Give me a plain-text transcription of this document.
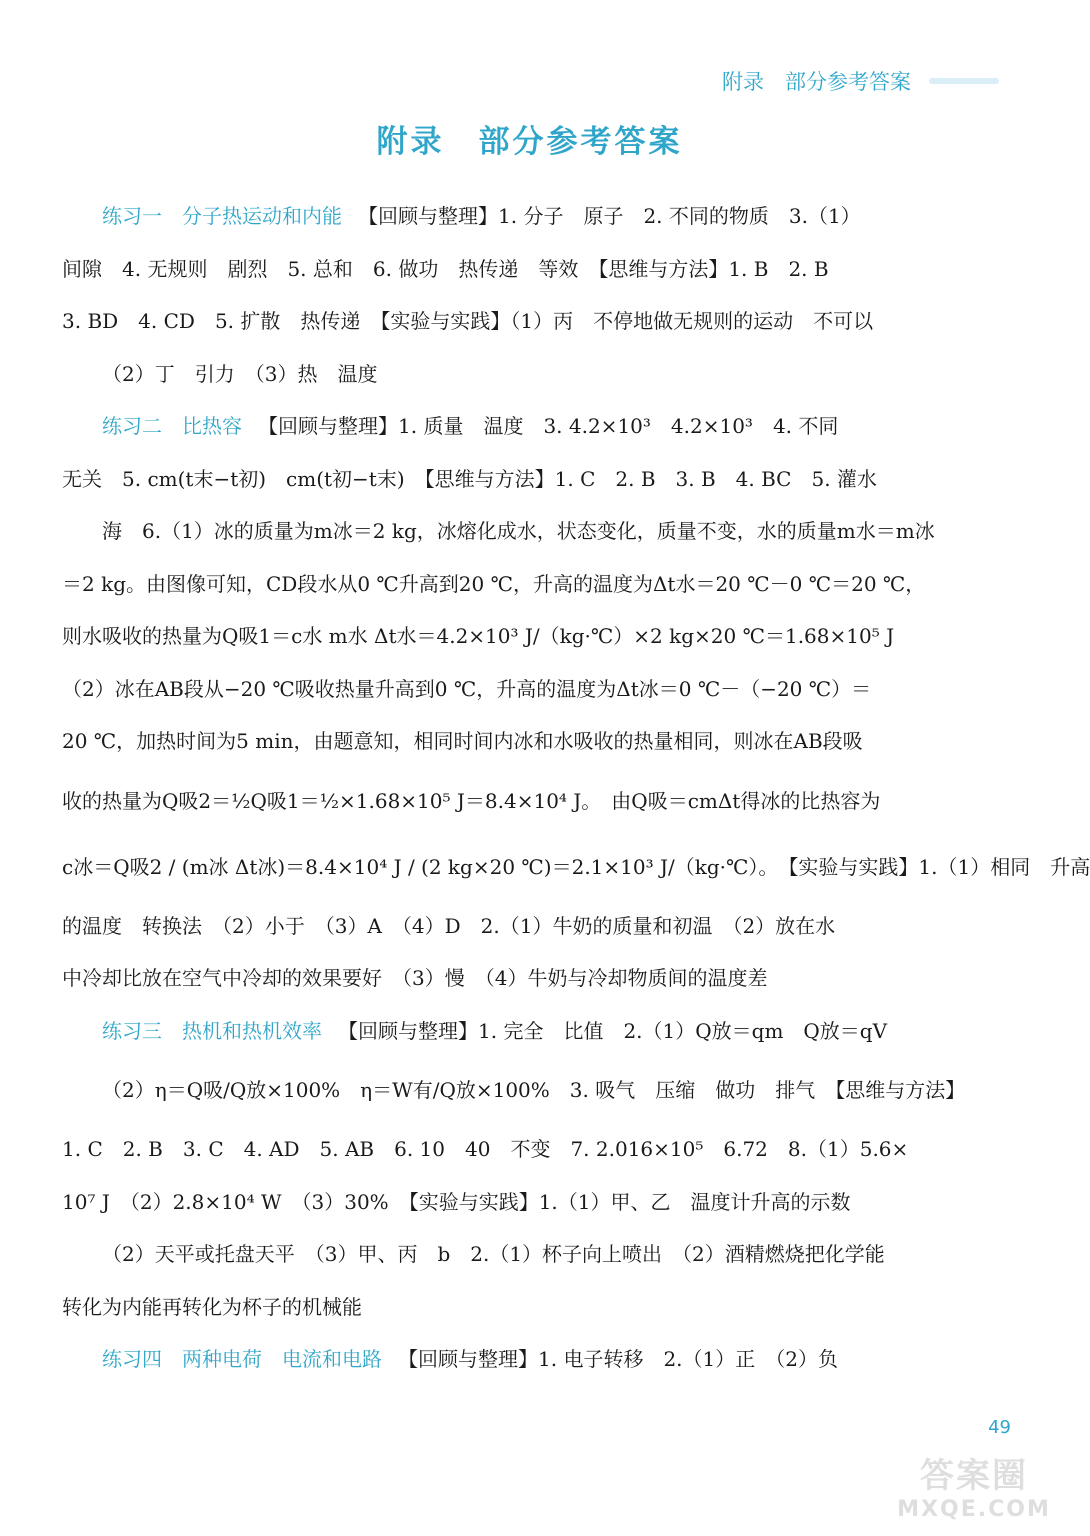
附录　部分参考答案
附录　部分参考答案
练习一　分子热运动和内能 【回顾与整理】1. 分子　原子　2. 不同的物质　3.（1）
间隙　4. 无规则　剧烈　5. 总和　6. 做功　热传递　等效　【思维与方法】1. B　2. B
3. BD　4. CD　5. 扩散　热传递　【实验与实践】（1）丙　不停地做无规则的运动　不可以
（2）丁　引力　（3）热　温度
练习二　比热容 【回顾与整理】1. 质量　温度　3. 4.2×10³　4.2×10³　4. 不同
无关　5. cm(t末−t初)　cm(t初−t末)　【思维与方法】1. C　2. B　3. B　4. BC　5. 灌水
海　6.（1）冰的质量为m冰＝2 kg，冰熔化成水，状态变化，质量不变，水的质量m水＝m冰
＝2 kg。由图像可知，CD段水从0 ℃升高到20 ℃，升高的温度为Δt水＝20 ℃－0 ℃＝20 ℃，
则水吸收的热量为Q吸1＝c水 m水 Δt水＝4.2×10³ J/（kg·℃）×2 kg×20 ℃＝1.68×10⁵ J
（2）冰在AB段从−20 ℃吸收热量升高到0 ℃，升高的温度为Δt冰＝0 ℃－（−20 ℃）＝
20 ℃，加热时间为5 min，由题意知，相同时间内冰和水吸收的热量相同，则冰在AB段吸
收的热量为Q吸2＝½Q吸1＝½×1.68×10⁵ J＝8.4×10⁴ J。　由Q吸＝cmΔt得冰的比热容为
c冰＝Q吸2 / (m冰 Δt冰)＝8.4×10⁴ J / (2 kg×20 ℃)＝2.1×10³ J/（kg·℃）。　【实验与实践】1.（1）相同　升高
的温度　转换法　（2）小于　（3）A　（4）D　2.（1）牛奶的质量和初温　（2）放在水
中冷却比放在空气中冷却的效果要好　（3）慢　（4）牛奶与冷却物质间的温度差
练习三　热机和热机效率 【回顾与整理】1. 完全　比值　2.（1）Q放＝qm　Q放＝qV
（2）η＝Q吸/Q放×100%　η＝W有/Q放×100%　3. 吸气　压缩　做功　排气　【思维与方法】
1. C　2. B　3. C　4. AD　5. AB　6. 10　40　不变　7. 2.016×10⁵　6.72　8.（1）5.6×
10⁷ J　（2）2.8×10⁴ W　（3）30%　【实验与实践】1.（1）甲、乙　温度计升高的示数
（2）天平或托盘天平　（3）甲、丙　b　2.（1）杯子向上喷出　（2）酒精燃烧把化学能
转化为内能再转化为杯子的机械能
练习四　两种电荷　电流和电路 【回顾与整理】1. 电子转移　2.（1）正　（2）负
49
答案圈
MXQE.COM
